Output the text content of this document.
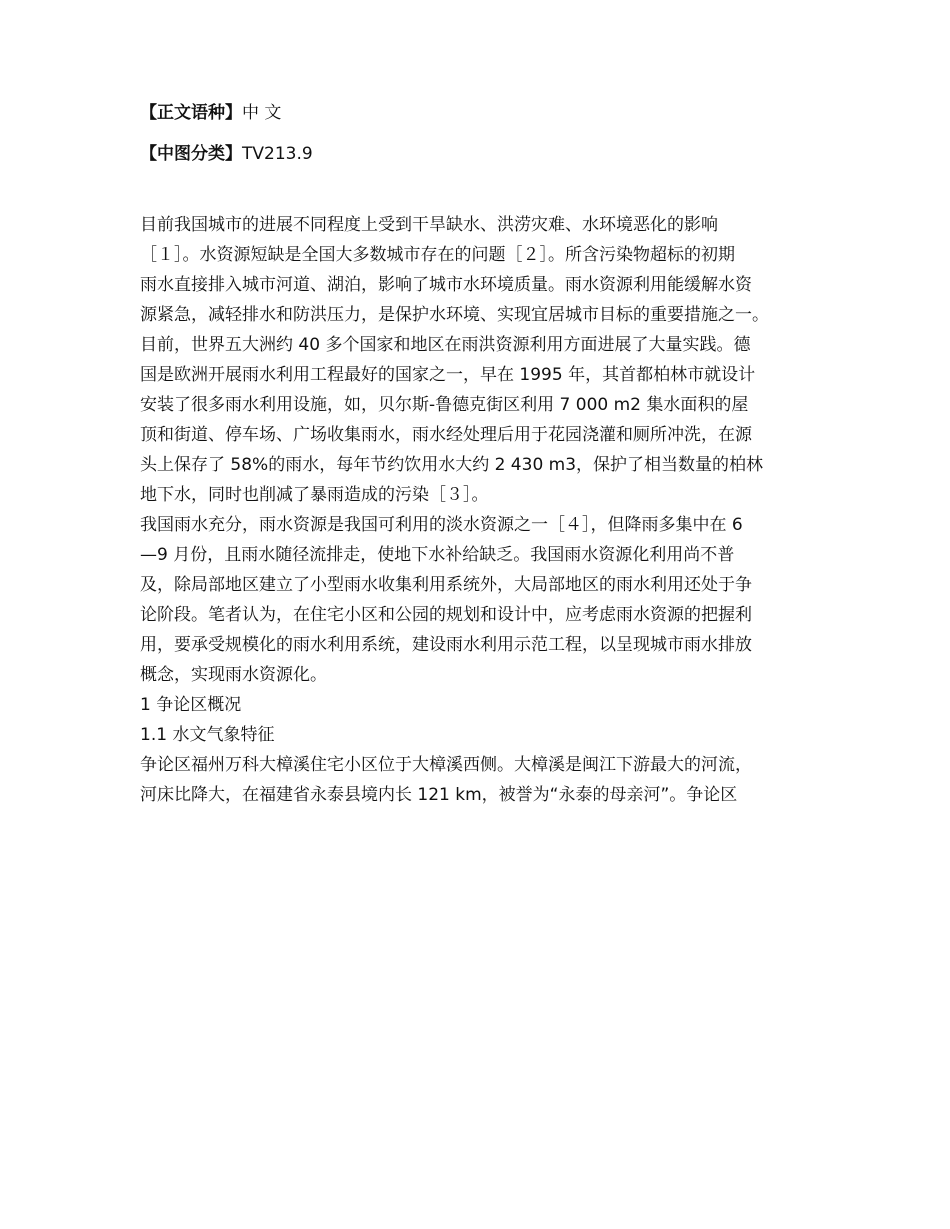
【正文语种】中 文
【中图分类】TV213.9
目前我国城市的进展不同程度上受到干旱缺水、洪涝灾难、水环境恶化的影响
［１］。水资源短缺是全国大多数城市存在的问题［２］。所含污染物超标的初期
雨水直接排入城市河道、湖泊，影响了城市水环境质量。雨水资源利用能缓解水资
源紧急，减轻排水和防洪压力，是保护水环境、实现宜居城市目标的重要措施之一。
目前，世界五大洲约 40 多个国家和地区在雨洪资源利用方面进展了大量实践。德
国是欧洲开展雨水利用工程最好的国家之一，早在 1995 年，其首都柏林市就设计
安装了很多雨水利用设施，如，贝尔斯-鲁德克街区利用 7 000 m2 集水面积的屋
顶和街道、停车场、广场收集雨水，雨水经处理后用于花园浇灌和厕所冲洗，在源
头上保存了 58%的雨水，每年节约饮用水大约 2 430 m3，保护了相当数量的柏林
地下水，同时也削减了暴雨造成的污染［３］。
我国雨水充分，雨水资源是我国可利用的淡水资源之一［４］，但降雨多集中在 6
—9 月份，且雨水随径流排走，使地下水补给缺乏。我国雨水资源化利用尚不普
及，除局部地区建立了小型雨水收集利用系统外，大局部地区的雨水利用还处于争
论阶段。笔者认为，在住宅小区和公园的规划和设计中，应考虑雨水资源的把握利
用，要承受规模化的雨水利用系统，建设雨水利用示范工程，以呈现城市雨水排放
概念，实现雨水资源化。
1 争论区概况
1.1 水文气象特征
争论区福州万科大樟溪住宅小区位于大樟溪西侧。大樟溪是闽江下游最大的河流，
河床比降大，在福建省永泰县境内长 121 km，被誉为“永泰的母亲河”。争论区
